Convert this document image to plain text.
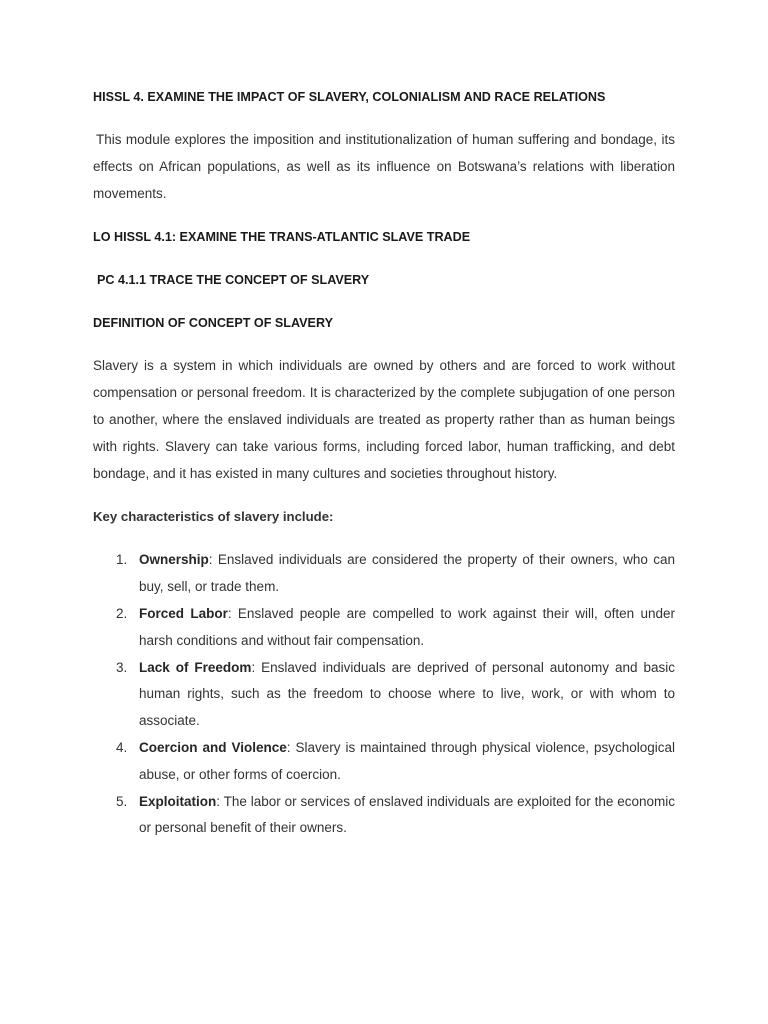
HISSL 4. EXAMINE THE IMPACT OF SLAVERY, COLONIALISM AND RACE RELATIONS

This module explores the imposition and institutionalization of human suffering and bondage, its effects on African populations, as well as its influence on Botswana’s relations with liberation movements.

LO HISSL 4.1: EXAMINE THE TRANS-ATLANTIC SLAVE TRADE

PC 4.1.1 TRACE THE CONCEPT OF SLAVERY

DEFINITION OF CONCEPT OF SLAVERY

Slavery is a system in which individuals are owned by others and are forced to work without compensation or personal freedom. It is characterized by the complete subjugation of one person to another, where the enslaved individuals are treated as property rather than as human beings with rights. Slavery can take various forms, including forced labor, human trafficking, and debt bondage, and it has existed in many cultures and societies throughout history.

Key characteristics of slavery include:

1. Ownership: Enslaved individuals are considered the property of their owners, who can buy, sell, or trade them.
2. Forced Labor: Enslaved people are compelled to work against their will, often under harsh conditions and without fair compensation.
3. Lack of Freedom: Enslaved individuals are deprived of personal autonomy and basic human rights, such as the freedom to choose where to live, work, or with whom to associate.
4. Coercion and Violence: Slavery is maintained through physical violence, psychological abuse, or other forms of coercion.
5. Exploitation: The labor or services of enslaved individuals are exploited for the economic or personal benefit of their owners.
